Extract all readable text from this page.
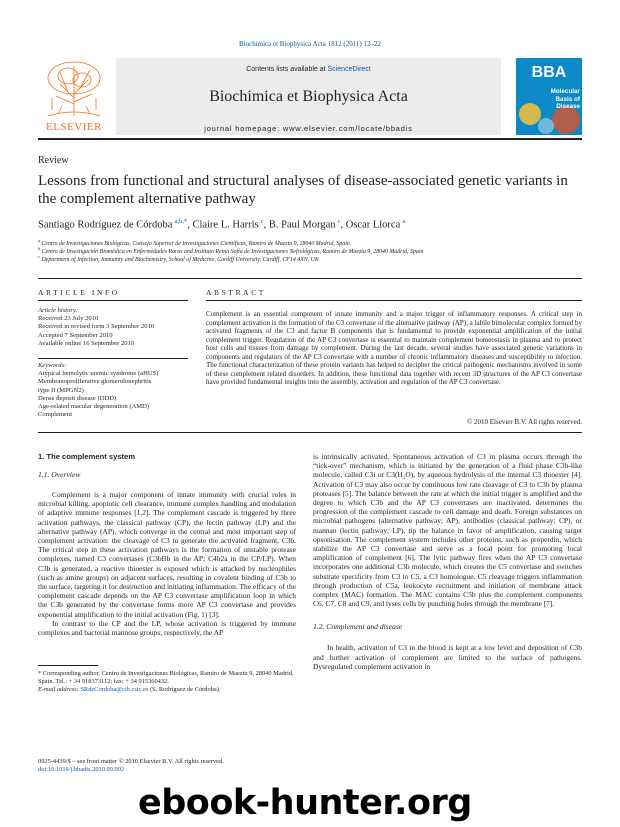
Biochimica et Biophysica Acta 1812 (2011) 12–22
ELSEVIER
Contents lists available at ScienceDirect
Biochimica et Biophysica Acta
journal homepage: www.elsevier.com/locate/bbadis
BBA
Molecular Basis of Disease
Review
Lessons from functional and structural analyses of disease-associated genetic variants in the complement alternative pathway
Santiago Rodríguez de Córdoba  $^{a,b,*}$, Claire L. Harris  $^c$, B. Paul Morgan  $^c$, Oscar Llorca  $^a$
$^a$ Centro de Investigaciones Biológicas, Consejo Superior de Investigaciones Científicas, Ramiro de Maeztu 9, 28040 Madrid, Spain
$^b$ Centro de Investigación Biomédica en Enfermedades Raras and Instituto Reina Sofía de Investigaciones Nefrológicas, Ramiro de Maeztu 9, 28040 Madrid, Spain
$^c$ Department of Infection, Immunity and Biochemistry, School of Medicine, Cardiff University, Cardiff, CF14 4XN, UK
ARTICLE INFO	ABSTRACT
Article history:
Received 23 July 2010
Received in revised form 3 September 2010
Accepted 7 September 2010
Available online 16 September 2010
Keywords:
Atypical hemolytic uremic syndrome (aHUS)
Membranoproliferative glomerulonephritis
type II (MPGN2)
Dense deposit disease (DDD)
Age-related macular degeneration (AMD)
Complement
Complement is an essential component of innate immunity and a major trigger of inflammatory responses. A critical step in complement activation is the formation of the C3 convertase of the alternative pathway (AP), a labile bimolecular complex formed by activated fragments of the C3 and factor B components that is fundamental to provide exponential amplification of the initial complement trigger. Regulation of the AP C3 convertase is essential to maintain complement homeostasis in plasma and to protect host cells and tissues from damage by complement. During the last decade, several studies have associated genetic variations in components and regulators of the AP C3 convertase with a number of chronic inflammatory diseases and susceptibility to infection. The functional characterization of these protein variants has helped to decipher the critical pathogenic mechanisms involved in some of these complement related disorders. In addition, these functional data together with recent 3D structures of the AP C3 convertase have provided fundamental insights into the assembly, activation and regulation of the AP C3 convertase.
© 2010 Elsevier B.V. All rights reserved.
1. The complement system
1.1. Overview

Complement is a major component of innate immunity with crucial roles in microbial killing, apoptotic cell clearance, immune complex handling and modulation of adaptive immune responses [1,2]. The complement cascade is triggered by three activation pathways, the classical pathway (CP), the lectin pathway (LP) and the alternative pathway (AP), which converge in the central and most important step of complement activation: the cleavage of C3 to generate the activated fragment, C3b. The critical step in these activation pathways is the formation of unstable protease complexes, named C3 convertases (C3bBb in the AP; C4b2a in the CP/LP). When C3b is generated, a reactive thioester is exposed which is attacked by nucleophiles (such as amine groups) on adjacent surfaces, resulting in covalent binding of C3b to the surface, targeting it for destruction and initiating inflammation. The efficacy of the complement cascade depends on the AP C3 convertase amplification loop in which the C3b generated by the convertase forms more AP C3 convertase and provides exponential amplification to the initial activation (Fig. 1) [3].

In contrast to the CP and the LP, whose activation is triggered by immune complexes and bacterial mannose groups, respectively, the AP

is intrinsically activated. Spontaneous activation of C3 in plasma occurs through the “tick-over” mechanism, which is initiated by the generation of a fluid phase C3b-like molecule, called C3i or C3(H₂O), by aqueous hydrolysis of the internal C3 thioester [4]. Activation of C3 may also occur by continuous low rate cleavage of C3 to C3b by plasma proteases [5]. The balance between the rate at which the initial trigger is amplified and the degree to which C3b and the AP C3 convertases are inactivated, determines the progression of the complement cascade to cell damage and death. Foreign substances on microbial pathogens (alternative pathway; AP), antibodies (classical pathway; CP), or mannan (lectin pathway; LP), tip the balance in favor of amplification, causing target opsonisation. The complement system includes other proteins, such as properdin, which stabilize the AP C3 convertase and serve as a focal point for promoting local amplification of complement [6]. The lytic pathway fires when the AP C3 convertase incorporates one additional C3b molecule, which creates the C5 convertase and switches substrate specificity from C3 to C5, a C3 homologue. C5 cleavage triggers inflammation through production of C5a, leukocyte recruitment and initiation of membrane attack complex (MAC) formation. The MAC contains C5b plus the complement components C6, C7, C8 and C9, and lyses cells by punching holes through the membrane [7].

1.2. Complement and disease

In health, activation of C3 in the blood is kept at a low level and deposition of C3b and further activation of complement are limited to the surface of pathogens. Dysregulated complement activation in

* Corresponding author. Centro de Investigaciones Biológicas, Ramiro de Maeztu 9, 28040 Madrid, Spain. Tel.: + 34 918373112; fax: + 34 915360432.
E-mail address: SRdeCordoba@cib.csic.es (S. Rodríguez de Córdoba).
0925-4439/$ – see front matter © 2010 Elsevier B.V. All rights reserved.
doi:10.1016/j.bbadis.2010.09.002
ebook-hunter.org
